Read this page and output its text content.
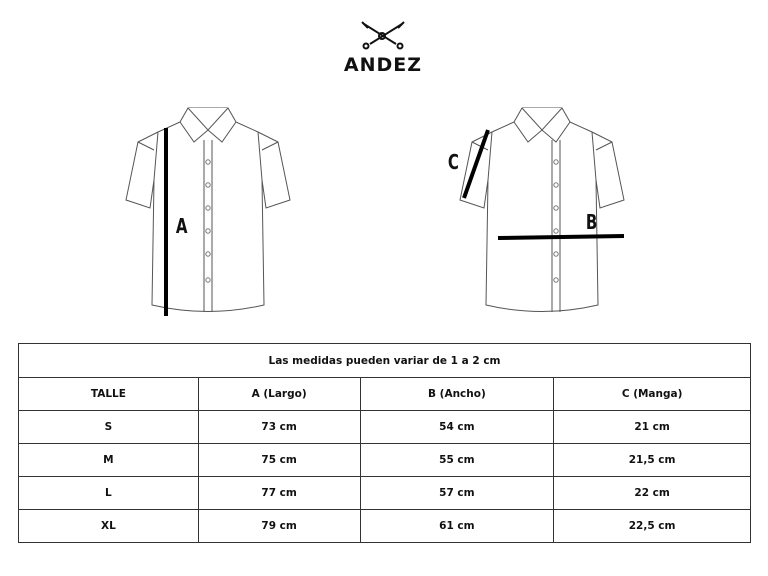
ANDEZ
A	B
C
Las medidas pueden variar de 1 a 2 cm			
TALLE	A (Largo)	B (Ancho)	C (Manga)
S	73 cm	54 cm	21 cm
M	75 cm	55 cm	21,5 cm
L	77 cm	57 cm	22 cm
XL	79 cm	61 cm	22,5 cm
